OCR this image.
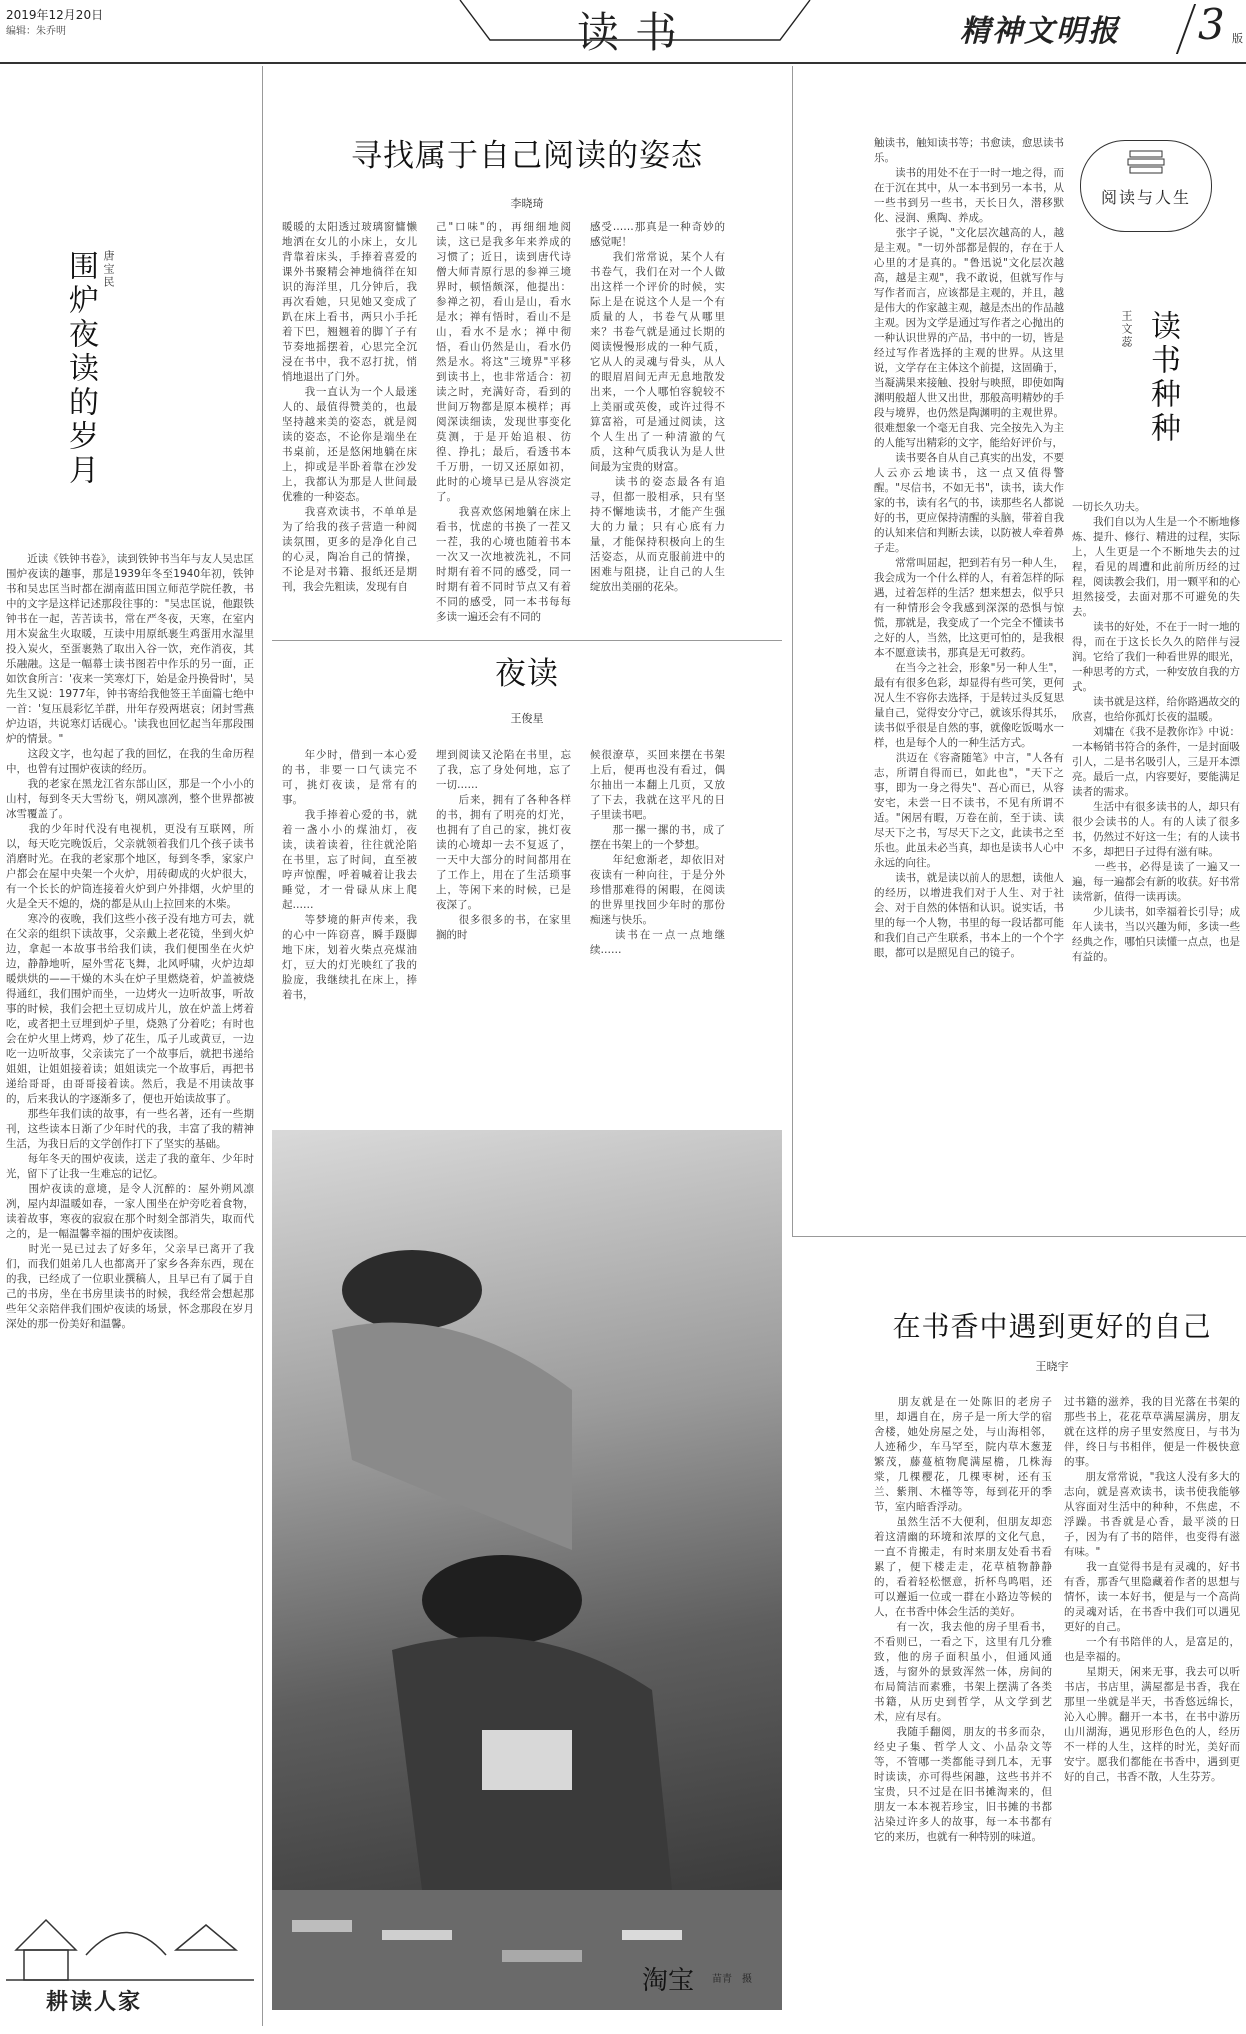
2019年12月20日
编辑：朱乔明	读书	精神文明报 3 版
寻找属于自己阅读的姿态
李晓琦
暖暖的太阳透过玻璃窗慵懒地洒在女儿的小床上，女儿背靠着床头，手捧着喜爱的课外书聚精会神地徜徉在知识的海洋里，几分钟后，我再次看她，只见她又变成了趴在床上看书，两只小手托着下巴，翘翘着的脚丫子有节奏地摇摆着，心思完全沉浸在书中，我不忍打扰，悄悄地退出了门外。
　　我一直认为一个人最迷人的、最值得赞美的，也最坚持越来美的姿态，就是阅读的姿态，不论你是端坐在书桌前，还是悠闲地躺在床上，抑或是半卧着靠在沙发上，我都认为那是人世间最优雅的一种姿态。
　　我喜欢读书，不单单是为了给我的孩子营造一种阅读氛围，更多的是净化自己的心灵，陶冶自己的情操，不论是对书籍、报纸还是期刊，我会先粗读，发现有自
己"口味"的，再细细地阅读，这已是我多年来养成的习惯了；近日，读到唐代诗僧大师青原行思的参禅三境界时，顿悟颇深，他提出：参禅之初，看山是山，看水是水；禅有悟时，看山不是山，看水不是水；禅中彻悟，看山仍然是山，看水仍然是水。将这"三境界"平移到读书上，也非常适合：初读之时，充满好奇，看到的世间万物都是原本模样；再阅深读细读，发现世事变化莫测，于是开始追根、彷徨、挣扎；最后，看透书本千万册，一切又还原如初，此时的心境早已是从容淡定了。
　　我喜欢悠闲地躺在床上看书，忧虑的书换了一茬又一茬，我的心境也随着书本一次又一次地被洗礼，不同时期有着不同的感受，同一时期有着不同时节点又有着不同的感受，同一本书每每多读一遍还会有不同的
感受……那真是一种奇妙的感觉呢！
　　我们常常说，某个人有书卷气，我们在对一个人做出这样一个评价的时候，实际上是在说这个人是一个有质量的人，书卷气从哪里来？书卷气就是通过长期的阅读慢慢形成的一种气质，它从人的灵魂与骨头，从人的眼眉眉间无声无息地散发出来，一个人哪怕容貌较不上美丽或英俊，或许过得不算富裕，可是通过阅读，这个人生出了一种清澈的气质，这种气质我认为是人世间最为宝贵的财富。
　　读书的姿态最各有追寻，但都一股相承，只有坚持不懈地读书，才能产生强大的力量；只有心底有力量，才能保持积极向上的生活姿态，从而克服前进中的困难与阻挠，让自己的人生绽放出美丽的花朵。
夜读
王俊星
　　年少时，借到一本心爱的书，非要一口气读完不可，挑灯夜读，是常有的事。
　　我手捧着心爱的书，就着一盏小小的煤油灯，夜读，读着读着，往往就沦陷在书里，忘了时间，直至被哼声惊醒，呼着喊着让我去睡觉，才一骨碌从床上爬起……
　　等梦境的鼾声传来，我的心中一阵窃喜，瞬手蹑脚地下床，划着火柴点亮煤油灯，豆大的灯光映红了我的脸庞，我继续扎在床上，捧着书，
埋到阅读又沦陷在书里，忘了我，忘了身处何地，忘了一切……
　　后来，拥有了各种各样的书，拥有了明亮的灯光，也拥有了自己的家，挑灯夜读的心境却一去不复返了，一天中大部分的时间都用在了工作上，用在了生活琐事上，等闲下来的时候，已是夜深了。
　　很多很多的书，在家里搁的时
候很潦草，买回来摆在书架上后，便再也没有看过，偶尔抽出一本翻上几页，又放了下去，我就在这平凡的日子里读书吧。
　　那一摞一摞的书，成了摆在书架上的一个梦想。
　　年纪愈渐老，却依旧对夜读有一种向往，于是分外珍惜那难得的闲暇，在阅读的世界里找回少年时的那份痴迷与快乐。
　　读书在一点一点地继续……
淘宝 苗青　摄
围炉夜读的岁月 唐宝民
　　近读《铁钟书卷》，读到铁钟书当年与友人吴忠匡围炉夜读的趣事，那是1939年冬至1940年初，铁钟书和吴忠匡当时都在湖南蓝田国立师范学院任教，书中的文字是这样记述那段往事的："吴忠匡说，他跟铁钟书在一起，苦苦读书，常在严冬夜，天寒，在室内用木炭盆生火取暖，互读中用原纸裹生鸡蛋用水湿里投入炭火，至蛋裹熟了取出入谷一饮，充作消夜，其乐融融。这是一幅幕士读书图若中作乐的另一面，正如饮食所言：'夜来一笑寒灯下，始是金丹换骨时'，吴先生又说：1977年，钟书寄给我他签王羊面篇七绝中一首：'复压晨彩忆羊群，卅年存殁两堪哀；闭封雪燕炉边语，共说寒灯话砚心。'读我也回忆起当年那段围炉的情景。"
　　这段文字，也勾起了我的回忆，在我的生命历程中，也曾有过围炉夜读的经历。
　　我的老家在黑龙江省东部山区，那是一个小小的山村，每到冬天大雪纷飞，朔风凛冽，整个世界都被冰雪覆盖了。
　　我的少年时代没有电视机，更没有互联网，所以，每天吃完晚饭后，父亲就领着我们几个孩子读书消磨时光。在我的老家那个地区，每到冬季，家家户户都会在屋中央架一个火炉，用砖砌成的火炉很大，有一个长长的炉筒连接着火炉到户外排烟，火炉里的火是全天不熄的，烧的都是从山上拉回来的木柴。
　　寒冷的夜晚，我们这些小孩子没有地方可去，就在父亲的组织下读故事，父亲戴上老花镜，坐到火炉边，拿起一本故事书给我们读，我们便围坐在火炉边，静静地听，屋外雪花飞舞，北风呼啸，火炉边却暖烘烘的——干燥的木头在炉子里燃烧着，炉盖被烧得通红，我们围炉而坐，一边烤火一边听故事，听故事的时候，我们会把土豆切成片儿，放在炉盖上烤着吃，或者把土豆埋到炉子里，烧熟了分着吃；有时也会在炉火里上烤鸡，炒了花生，瓜子儿或黄豆，一边吃一边听故事，父亲读完了一个故事后，就把书递给姐姐，让姐姐接着读；姐姐读完一个故事后，再把书递给哥哥，由哥哥接着读。然后，我是不用读故事的，后来我认的字逐渐多了，便也开始读故事了。
　　那些年我们读的故事，有一些名著，还有一些期刊，这些读本日渐了少年时代的我，丰富了我的精神生活，为我日后的文学创作打下了坚实的基础。
　　每年冬天的围炉夜读，送走了我的童年、少年时光，留下了让我一生难忘的记忆。
　　围炉夜读的意境，是令人沉醉的：屋外朔风凛冽，屋内却温暖如春，一家人围坐在炉旁吃着食物，读着故事，寒夜的寂寂在那个时刻全部消失，取而代之的，是一幅温馨幸福的围炉夜读图。
　　时光一晃已过去了好多年，父亲早已离开了我们，而我们姐弟几人也都离开了家乡各奔东西，现在的我，已经成了一位职业撰稿人，且早已有了属于自己的书房，坐在书房里读书的时候，我经常会想起那些年父亲陪伴我们围炉夜读的场景，怀念那段在岁月深处的那一份美好和温馨。
耕读人家
阅读与人生
读书种种
王文蕊
触读书，触知读书等；书愈读，愈思读书乐。
　　读书的用处不在于一时一地之得，而在于沉在其中，从一本书到另一本书，从一些书到另一些书，天长日久，潜移默化、浸润、熏陶、养成。
　　张宇子说，"文化层次越高的人，越是主观。"一切外部都是假的，存在于人心里的才是真的。"鲁迅说"文化层次越高，越是主观"，我不敢说，但就写作与写作者而言，应该都是主观的，并且，越是伟大的作家越主观，越是杰出的作品越主观。因为文学是通过写作者之心抛出的一种认识世界的产品，书中的一切，皆是经过写作者选择的主观的世界。从这里说，文学存在主体这个前提，这固确于，当凝满果来接触、投射与映照，即使如陶渊明般超人世又出世，那般高明精妙的手段与境界，也仍然是陶渊明的主观世界。很难想象一个毫无自我、完全按先入为主的人能写出精彩的文字，能给好评价与，
　　读书要各自从自己真实的出发，不要人云亦云地读书，这一点又值得警醒。"尽信书，不如无书"，读书，读大作家的书，读有名气的书，读那些名人都说好的书，更应保持清醒的头脑，带着自我的认知来信和判断去读，以防被人牵着鼻子走。
　　常常叫屈起，把到若有另一种人生，我会成为一个什么样的人，有着怎样的际遇，过着怎样的生活？想来想去，似乎只有一种情形会令我感到深深的恐惧与惊慌，那就是，我变成了一个完全不懂读书之好的人，当然，比这更可怕的，是我根本不愿意读书，那真是无可救药。
　　在当今之社会，形象"另一种人生"，最有有很多色彩，却显得有些可笑，更何况人生不容你去选择，于是转过头反复思量自己，觉得安分守己，就该乐得其乐，读书似乎很是自然的事，就像吃饭喝水一样，也是每个人的一种生活方式。
　　洪迈在《容斋随笔》中言，"人各有志，所谓自得而已，如此也"，"天下之事，即为一身之得失"、吾心而已，从容安宅，未尝一日不读书，不见有所谓不适。"闲居有暇，万卷在前，至于读、读尽天下之书，写尽天下之文，此读书之至乐也。此虽未必当真，却也是读书人心中永远的向往。
　　读书，就是读以前人的思想，读他人的经历，以增进我们对于人生、对于社会、对于自然的体悟和认识。说实话，书里的每一个人物，书里的每一段话都可能和我们自己产生联系，书本上的一个个字眼，都可以是照见自己的镜子。
一切长久功夫。
　　我们自以为人生是一个不断地修炼、提升、修行、精进的过程，实际上，人生更是一个不断地失去的过程，看见的周遭和此前所历经的过程，阅读教会我们，用一颗平和的心坦然接受，去面对那不可避免的失去。
　　读书的好处，不在于一时一地的得，而在于这长长久久的陪伴与浸润。它给了我们一种看世界的眼光，一种思考的方式，一种安放自我的方式。
　　读书就是这样，给你路遇故交的欣喜，也给你孤灯长夜的温暖。
　　刘墉在《我不是教你诈》中说：一本畅销书符合的条件，一是封面吸引人，二是书名吸引人，三是开本漂亮。最后一点，内容要好，要能满足读者的需求。
　　生活中有很多读书的人，却只有很少会读书的人。有的人读了很多书，仍然过不好这一生；有的人读书不多，却把日子过得有滋有味。
　　一些书，必得是读了一遍又一遍，每一遍都会有新的收获。好书常读常新，值得一读再读。
　　少儿读书，如幸福着长引导；成年人读书，当以兴趣为师，多读一些经典之作，哪怕只读懂一点点，也是有益的。
在书香中遇到更好的自己
王晓宇
　　朋友就是在一处陈旧的老房子里，却遇自在，房子是一所大学的宿舍楼，她处房屋之处，与山海相邻，人迹稀少，车马罕至，院内草木葱茏繁茂，藤蔓植物爬满屋檐，几株海棠，几棵樱花，几棵枣树，还有玉兰、紫荆、木槿等等，每到花开的季节，室内暗香浮动。
　　虽然生活不大便利，但朋友却恋着这清幽的环境和浓厚的文化气息，一直不肯搬走，有时来朋友处看书看累了，便下楼走走，花草植物静静的，看着轻松惬意，折杯鸟鸣唱，还可以邂逅一位或一群在小路边等候的人，在书香中体会生活的美好。
　　有一次，我去他的房子里看书，不看则已，一看之下，这里有几分雅致，他的房子面积虽小，但通风通透，与窗外的景致浑然一体，房间的布局简洁而素雅，书架上摆满了各类书籍，从历史到哲学，从文学到艺术，应有尽有。
　　我随手翻阅，朋友的书多而杂，经史子集、哲学人文、小品杂文等等，不管哪一类都能寻到几本，无事时读读，亦可得些闲趣，这些书并不宝贵，只不过是在旧书摊淘来的，但朋友一本本视若珍宝，旧书摊的书都沾染过许多人的故事，每一本书都有它的来历，也就有一种特别的味道。
过书籍的滋养，我的目光落在书架的那些书上，花花草草满屋满房，朋友就在这样的房子里安然度日，与书为伴，终日与书相伴，便是一件极快意的事。
　　朋友常常说，"我这人没有多大的志向，就是喜欢读书，读书使我能够从容面对生活中的种种，不焦虑，不浮躁。书香就是心香，最平淡的日子，因为有了书的陪伴，也变得有滋有味。"
　　我一直觉得书是有灵魂的，好书有香，那香气里隐藏着作者的思想与情怀，读一本好书，便是与一个高尚的灵魂对话，在书香中我们可以遇见更好的自己。
　　一个有书陪伴的人，是富足的，也是幸福的。
　　星期天，闲来无事，我去可以听书店，书店里，满屋都是书香，我在那里一坐就是半天，书香悠远绵长，沁入心脾。翻开一本书，在书中游历山川湖海，遇见形形色色的人，经历不一样的人生，这样的时光，美好而安宁。愿我们都能在书香中，遇到更好的自己，书香不散，人生芬芳。
